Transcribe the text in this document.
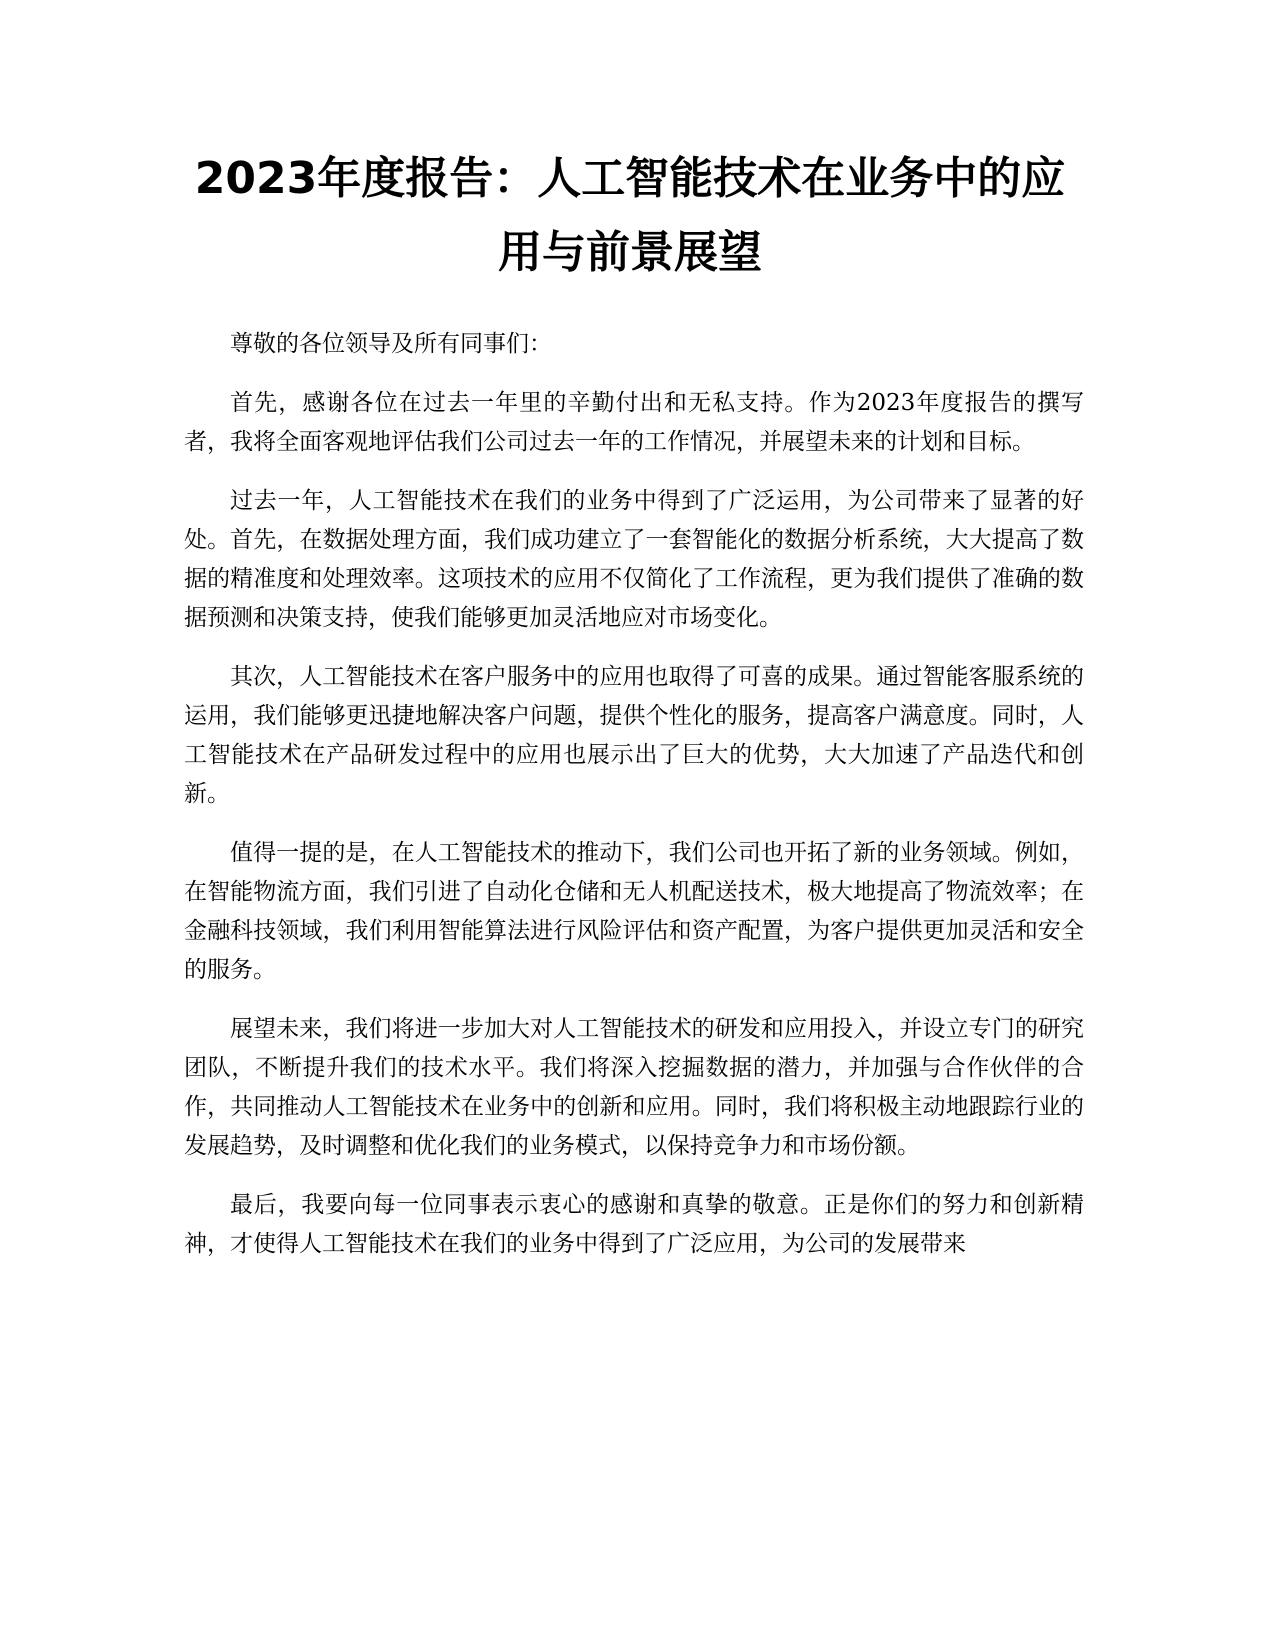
2023年度报告：人工智能技术在业务中的应用与前景展望

尊敬的各位领导及所有同事们：

首先，感谢各位在过去一年里的辛勤付出和无私支持。作为2023年度报告的撰写者，我将全面客观地评估我们公司过去一年的工作情况，并展望未来的计划和目标。

过去一年，人工智能技术在我们的业务中得到了广泛运用，为公司带来了显著的好处。首先，在数据处理方面，我们成功建立了一套智能化的数据分析系统，大大提高了数据的精准度和处理效率。这项技术的应用不仅简化了工作流程，更为我们提供了准确的数据预测和决策支持，使我们能够更加灵活地应对市场变化。

其次，人工智能技术在客户服务中的应用也取得了可喜的成果。通过智能客服系统的运用，我们能够更迅捷地解决客户问题，提供个性化的服务，提高客户满意度。同时，人工智能技术在产品研发过程中的应用也展示出了巨大的优势，大大加速了产品迭代和创新。

值得一提的是，在人工智能技术的推动下，我们公司也开拓了新的业务领域。例如，在智能物流方面，我们引进了自动化仓储和无人机配送技术，极大地提高了物流效率；在金融科技领域，我们利用智能算法进行风险评估和资产配置，为客户提供更加灵活和安全的服务。

展望未来，我们将进一步加大对人工智能技术的研发和应用投入，并设立专门的研究团队，不断提升我们的技术水平。我们将深入挖掘数据的潜力，并加强与合作伙伴的合作，共同推动人工智能技术在业务中的创新和应用。同时，我们将积极主动地跟踪行业的发展趋势，及时调整和优化我们的业务模式，以保持竞争力和市场份额。

最后，我要向每一位同事表示衷心的感谢和真挚的敬意。正是你们的努力和创新精神，才使得人工智能技术在我们的业务中得到了广泛应用，为公司的发展带来
